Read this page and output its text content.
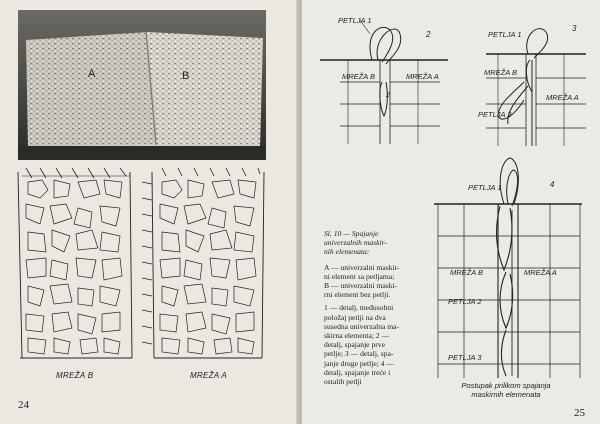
A	B
MREŽA B	MREŽA A
24
PETLJA 1
2
MREŽA B	MREŽA A
2
PETLJA 1
3
MREŽA B
MREŽA A
PETLJA 2
PETLJA 1	4
MREŽA B	MREŽA A
PETLJA 2
PETLJA 3
Sl. 10 — Spajanje
univerzalnih maskir-
nih elemenata:
A — univerzalni maskir-
ni element sa petljama;
B — univerzalni maski-
rni element bez petlji.
1 — detalj, međusobni
položaj petlji na dva
susedna univerzalna ma-
skirna elementa; 2 —
detalj, spajanje prve
petlje; 3 — detalj, spa-
janje druge petlje; 4 —
detalj, spajanje treće i
ostalih petlji	Postupak prilikom spajanja
maskirnih elemenata
25
